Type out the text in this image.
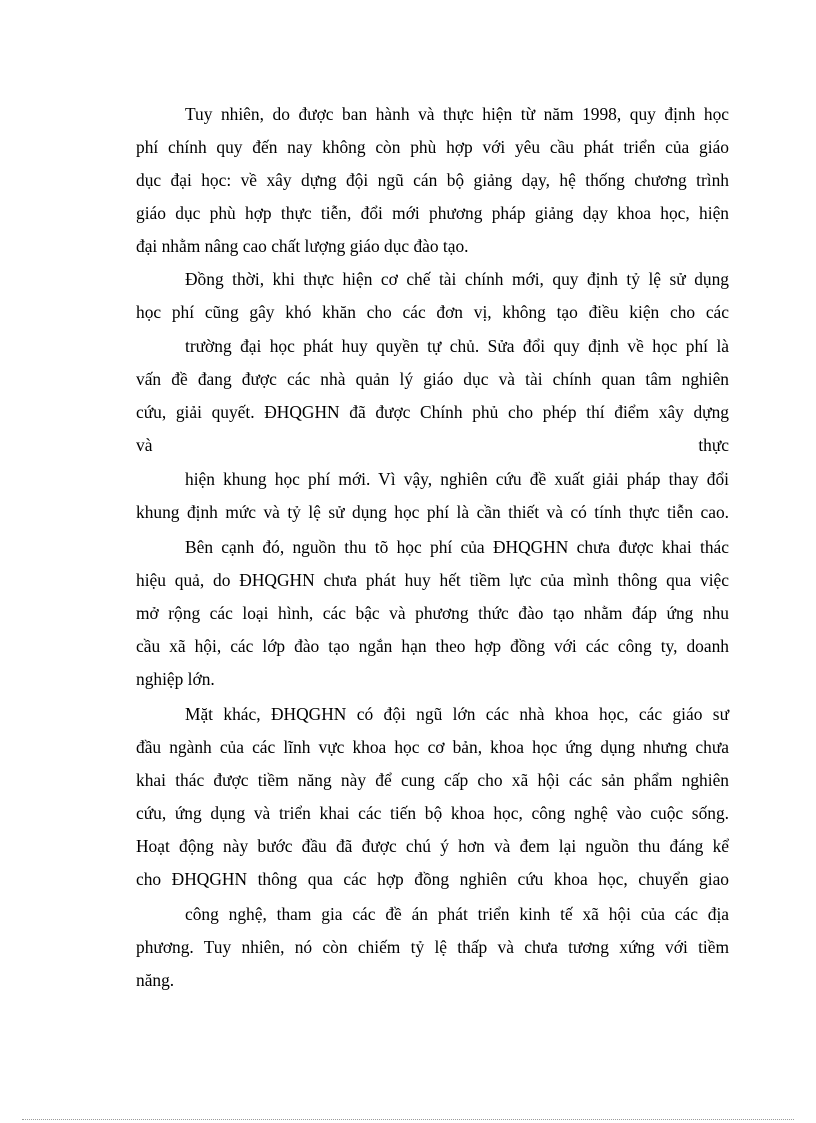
Tuy nhiên, do được ban hành và thực hiện từ năm 1998, quy định học
phí chính quy đến nay không còn phù hợp với yêu cầu phát triển của giáo
dục đại học: về xây dựng đội ngũ cán bộ giảng dạy, hệ thống chương trình
giáo dục phù hợp thực tiễn, đổi mới phương pháp giảng dạy khoa học, hiện
đại nhằm nâng cao chất lượng giáo dục đào tạo.
Đồng thời, khi thực hiện cơ chế tài chính mới, quy định tỷ lệ sử dụng
học phí cũng gây khó khăn cho các đơn vị, không tạo điều kiện cho các
trường đại học phát huy quyền tự chủ. Sửa đổi quy định về học phí là
vấn đề đang được các nhà quản lý giáo dục và tài chính quan tâm nghiên
cứu, giải quyết. ĐHQGHN đã được Chính phủ cho phép thí điểm xây dựng
và thực
hiện khung học phí mới. Vì vậy, nghiên cứu đề xuất giải pháp thay đổi
khung định mức và tỷ lệ sử dụng học phí là cần thiết và có tính thực tiễn cao.
Bên cạnh đó, nguồn thu tõ học phí của ĐHQGHN chưa được khai thác
hiệu quả, do ĐHQGHN chưa phát huy hết tiềm lực của mình thông qua việc
mở rộng các loại hình, các bậc và phương thức đào tạo nhằm đáp ứng nhu
cầu xã hội, các lớp đào tạo ngắn hạn theo hợp đồng với các công ty, doanh
nghiệp lớn.
Mặt khác, ĐHQGHN có đội ngũ lớn các nhà khoa học, các giáo sư
đầu ngành của các lĩnh vực khoa học cơ bản, khoa học ứng dụng nhưng chưa
khai thác được tiềm năng này để cung cấp cho xã hội các sản phẩm nghiên
cứu, ứng dụng và triển khai các tiến bộ khoa học, công nghệ vào cuộc sống.
Hoạt động này bước đầu đã được chú ý hơn và đem lại nguồn thu đáng kể
cho ĐHQGHN thông qua các hợp đồng nghiên cứu khoa học, chuyển giao
công nghệ, tham gia các đề án phát triển kinh tế xã hội của các địa
phương. Tuy nhiên, nó còn chiếm tỷ lệ thấp và chưa tương xứng với tiềm
năng.
